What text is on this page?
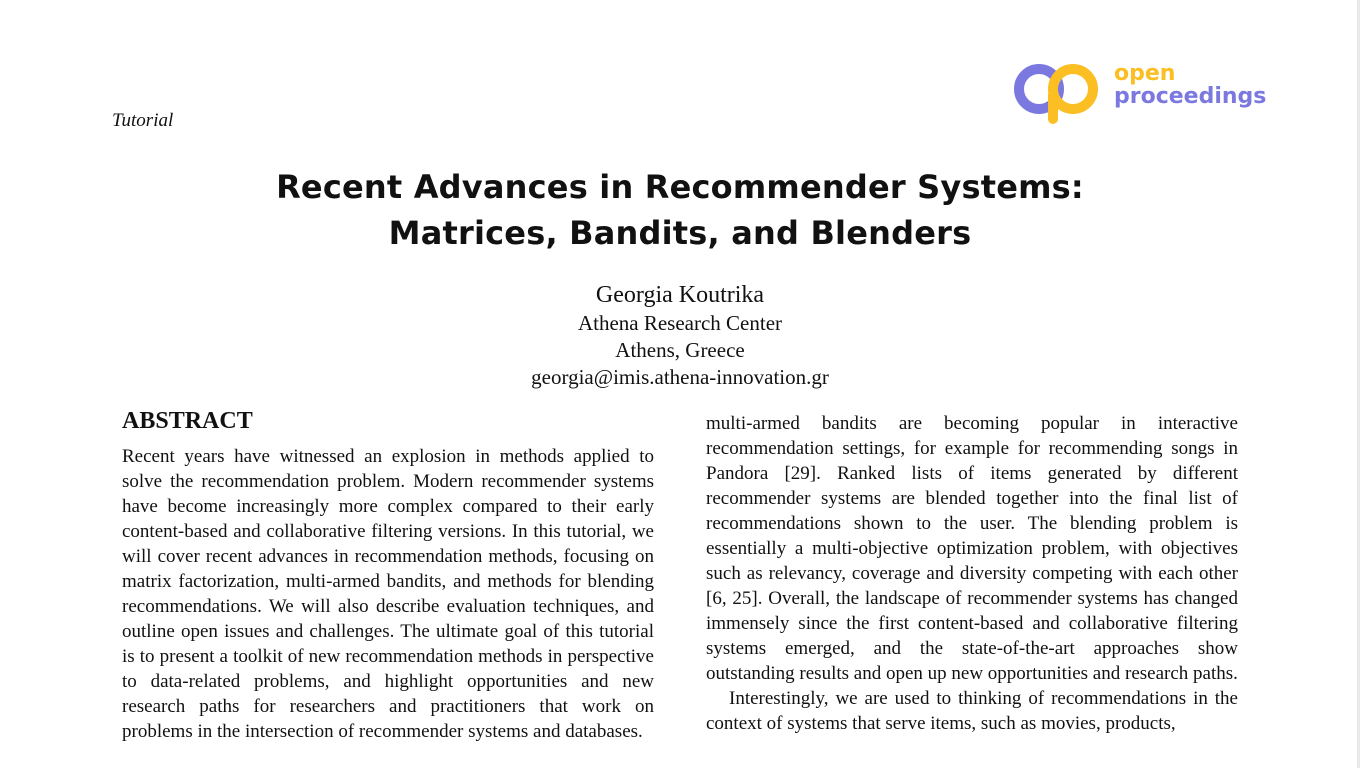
Tutorial
open
proceedings
Recent Advances in Recommender Systems:
Matrices, Bandits, and Blenders
Georgia Koutrika
Athena Research Center
Athens, Greece
georgia@imis.athena-innovation.gr
ABSTRACT

Recent years have witnessed an explosion in methods applied to solve the recommendation problem. Modern recommender systems have become increasingly more complex compared to their early content-based and collaborative filtering versions. In this tutorial, we will cover recent advances in recommendation methods, focusing on matrix factorization, multi-armed bandits, and methods for blending recommendations. We will also describe evaluation techniques, and outline open issues and challenges. The ultimate goal of this tutorial is to present a toolkit of new recommendation methods in perspective to data-related problems, and highlight opportunities and new research paths for researchers and practitioners that work on problems in the intersection of recommender systems and databases.

multi-armed bandits are becoming popular in interactive recommendation settings, for example for recommending songs in Pandora [29]. Ranked lists of items generated by different recommender systems are blended together into the final list of recommendations shown to the user. The blending problem is essentially a multi-objective optimization problem, with objectives such as relevancy, coverage and diversity competing with each other [6, 25]. Overall, the landscape of recommender systems has changed immensely since the first content-based and collaborative filtering systems emerged, and the state-of-the-art approaches show outstanding results and open up new opportunities and research paths.

Interestingly, we are used to thinking of recommendations in the context of systems that serve items, such as movies, products,
